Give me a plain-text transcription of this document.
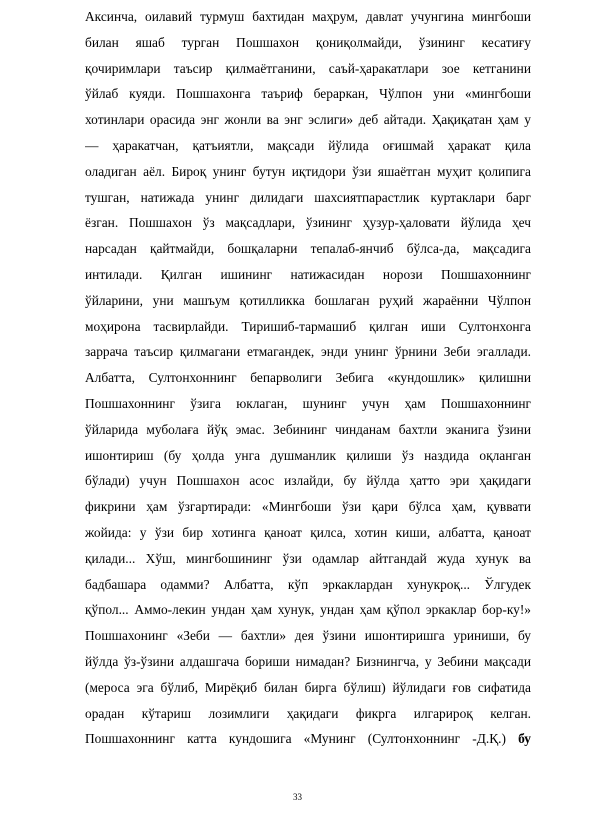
Аксинча, оилавий турмуш бахтидан маҳрум, давлат учунгина мингбоши
билан яшаб турган Пошшахон қониқолмайди, ўзининг кесатиғу
қочиримлари таъсир қилмаётганини, саъй-ҳаракатлари зое кетганини
ўйлаб куяди. Пошшахонга таъриф бераркан, Чўлпон уни «мингбоши
хотинлари орасида энг жонли ва энг эслиги» деб айтади. Ҳақиқатан ҳам у
— ҳаракатчан, қатъиятли, мақсади йўлида оғишмай ҳаракат қила
оладиган аёл. Бироқ унинг бутун иқтидори ўзи яшаётган муҳит қолипига
тушган, натижада унинг дилидаги шахсиятпарастлик куртаклари барг
ёзган. Пошшахон ўз мақсадлари, ўзининг ҳузур-ҳаловати йўлида ҳеч
нарсадан қайтмайди, бошқаларни тепалаб-янчиб бўлса-да, мақсадига
интилади. Қилган ишининг натижасидан норози Пошшахоннинг
ўйларини, уни машъум қотилликка бошлаган руҳий жараённи Чўлпон
моҳирона тасвирлайди. Тиришиб-тармашиб қилган иши Султонхонга
заррача таъсир қилмагани етмагандек, энди унинг ўрнини Зеби эгаллади.
Албатта, Султонхоннинг бепарволиги Зебига «кундошлик» қилишни
Пошшахоннинг ўзига юклаган, шунинг учун ҳам Пошшахоннинг
ўйларида муболаға йўқ эмас. Зебининг чинданам бахтли эканига ўзини
ишонтириш (бу ҳолда унга душманлик қилиши ўз наздида оқланган
бўлади) учун Пошшахон асос излайди, бу йўлда ҳатто эри ҳақидаги
фикрини ҳам ўзгартиради: «Мингбоши ўзи қари бўлса ҳам, қуввати
жойида: у ўзи бир хотинга қаноат қилса, хотин киши, албатта, қаноат
қилади... Хўш, мингбошининг ўзи одамлар айтгандай жуда хунук ва
бадбашара одамми? Албатта, кўп эркаклардан хунукроқ... Ўлгудек
қўпол... Аммо-лекин ундан ҳам хунук, ундан ҳам қўпол эркаклар бор-ку!»
Пошшахонинг «Зеби — бахтли» дея ўзини ишонтиришга уриниши, бу
йўлда ўз-ўзини алдашгача бориши нимадан? Бизнингча, у Зебини мақсади
(мероса эга бўлиб, Мирёқиб билан бирга бўлиш) йўлидаги ғов сифатида
орадан кўтариш лозимлиги ҳақидаги фикрга илгарироқ келган.
Пошшахоннинг катта кундошига «Мунинг (Султонхоннинг -Д.Қ.) бу
33
